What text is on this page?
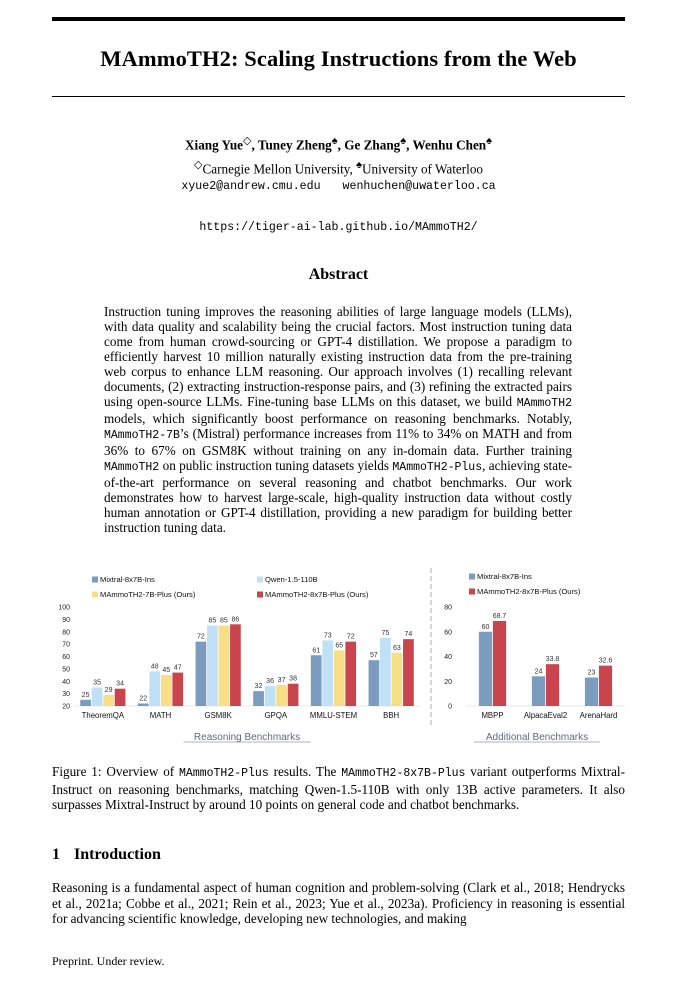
MAmmoTH2: Scaling Instructions from the Web
Xiang Yue◇, Tuney Zheng♠, Ge Zhang♠, Wenhu Chen♠
◇Carnegie Mellon University, ♠University of Waterloo
xyue2@andrew.cmu.edu wenhuchen@uwaterloo.ca
https://tiger-ai-lab.github.io/MAmmoTH2/
Abstract
Instruction tuning improves the reasoning abilities of large language models (LLMs), with data quality and scalability being the crucial factors. Most instruction tuning data come from human crowd-sourcing or GPT-4 distillation. We propose a paradigm to efficiently harvest 10 million naturally existing instruction data from the pre-training web corpus to enhance LLM reasoning. Our approach involves (1) recalling relevant documents, (2) extracting instruction-response pairs, and (3) refining the extracted pairs using open-source LLMs. Fine-tuning base LLMs on this dataset, we build MAmmoTH2 models, which significantly boost performance on reasoning benchmarks. Notably, MAmmoTH2-7B’s (Mistral) performance increases from 11% to 34% on MATH and from 36% to 67% on GSM8K without training on any in-domain data. Further training MAmmoTH2 on public instruction tuning datasets yields MAmmoTH2-Plus, achieving state-of-the-art performance on several reasoning and chatbot benchmarks. Our work demonstrates how to harvest large-scale, high-quality instruction data without costly human annotation or GPT-4 distillation, providing a new paradigm for building better instruction tuning data.
20
30
40
50
60
70
80
90
100
25
35
29
34
TheoremQA
22
48
45 47
MATH
72
85 85 86
GSM8K
32
36 37 38
GPQA
61
73
65
72
MMLU-STEM
57
75
63
74
BBH
Mixtral-8x7B-Ins	Qwen-1.5-110B
MAmmoTH2-7B-Plus (Ours)	MAmmoTH2-8x7B-Plus (Ours)
Reasoning Benchmarks
0
20
40
60
80
60
68.7
MBPP
24
33.8
AlpacaEval2
23
32.6
ArenaHard
Mixtral-8x7B-Ins
MAmmoTH2-8x7B-Plus (Ours)
Additional Benchmarks
Figure 1: Overview of MAmmoTH2-Plus results. The MAmmoTH2-8x7B-Plus variant outperforms Mixtral-Instruct on reasoning benchmarks, matching Qwen-1.5-110B with only 13B active parameters. It also surpasses Mixtral-Instruct by around 10 points on general code and chatbot benchmarks.
1 Introduction
Reasoning is a fundamental aspect of human cognition and problem-solving (Clark et al., 2018; Hendrycks et al., 2021a; Cobbe et al., 2021; Rein et al., 2023; Yue et al., 2023a). Proficiency in reasoning is essential for advancing scientific knowledge, developing new technologies, and making
Preprint. Under review.
